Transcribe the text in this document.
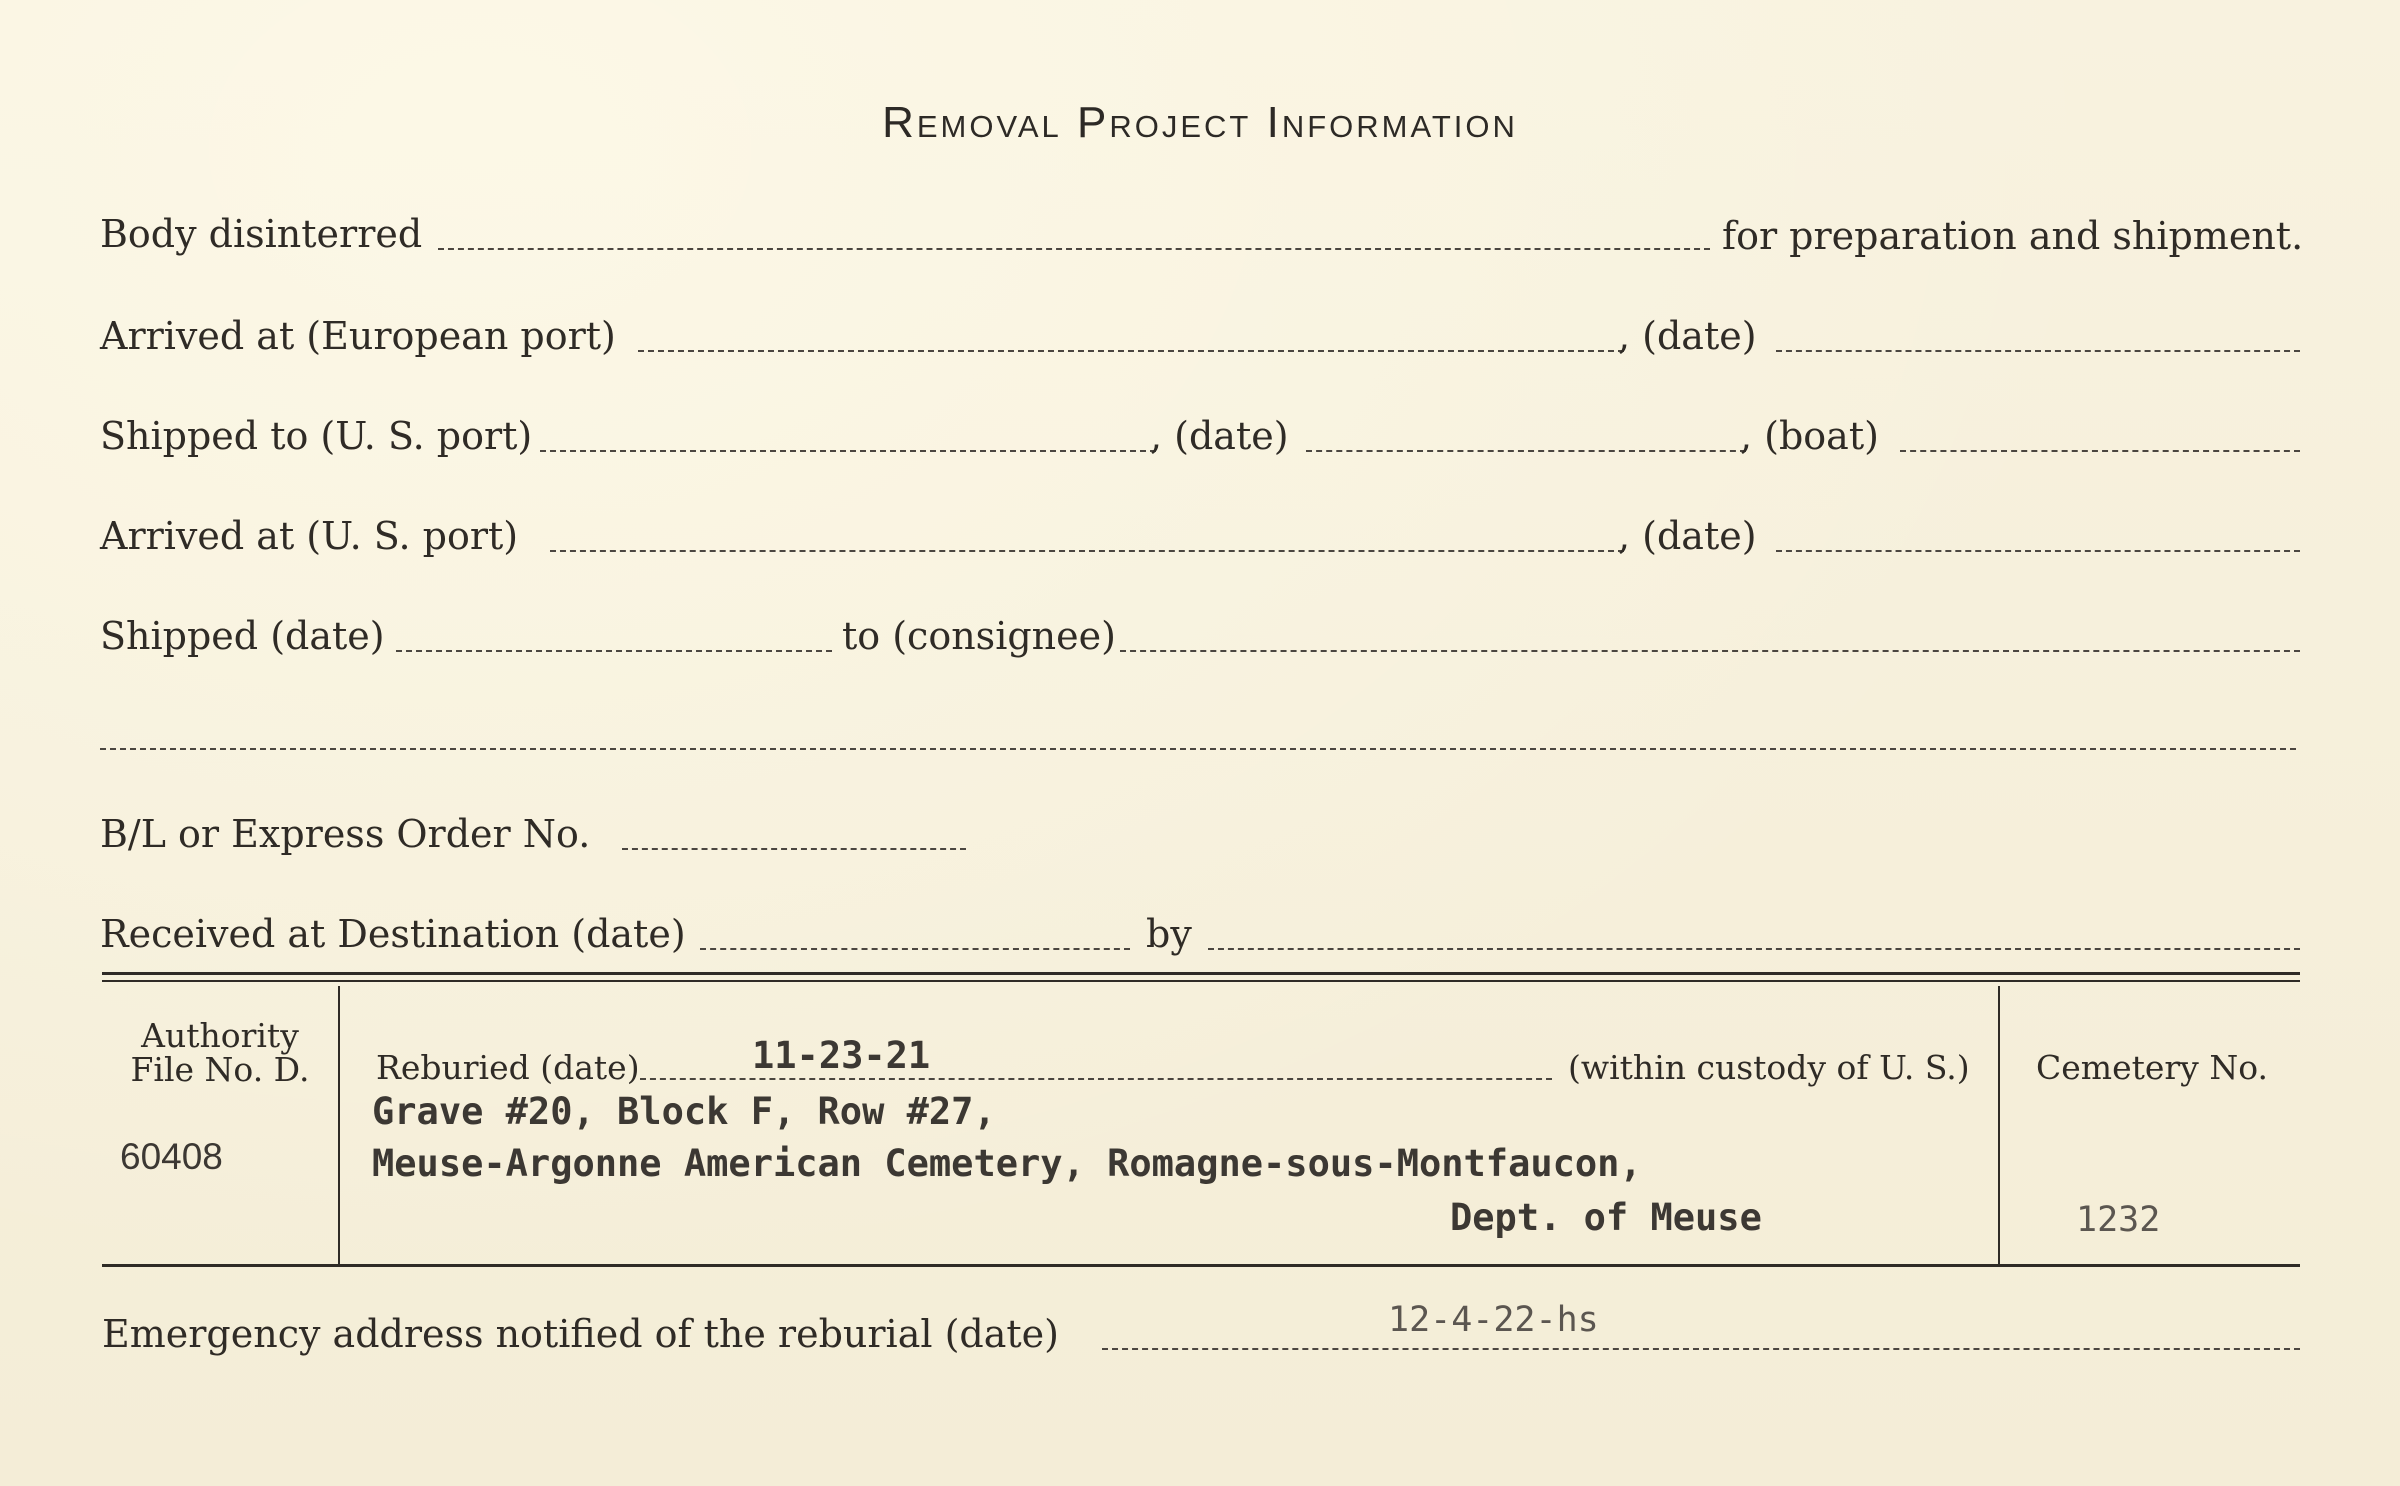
Removal Project Information
Body disinterred	for preparation and shipment.
Arrived at (European port)	, (date)
Shipped to (U. S. port)	, (date)	, (boat)
Arrived at (U. S. port)	, (date)
Shipped (date)	to (consignee)
B/L or Express Order No.
Received at Destination (date)	by
Authority
File No. D.
60408
Reburied (date)	11-23-21	(within custody of U. S.)
Grave #20, Block F, Row #27,
Meuse-Argonne American Cemetery, Romagne-sous-Montfaucon,
Dept. of Meuse
Cemetery No.
1232
Emergency address notified of the reburial (date)	12-4-22-hs
